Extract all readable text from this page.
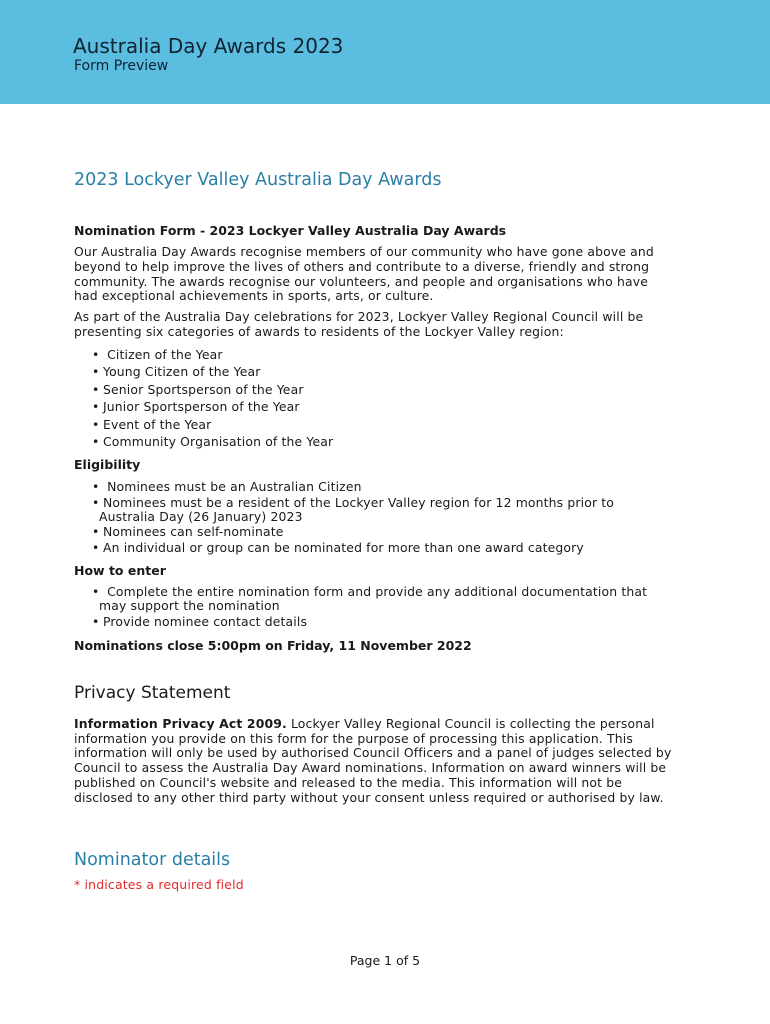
Australia Day Awards 2023
Form Preview
2023 Lockyer Valley Australia Day Awards

Nomination Form - 2023 Lockyer Valley Australia Day Awards

Our Australia Day Awards recognise members of our community who have gone above and beyond to help improve the lives of others and contribute to a diverse, friendly and strong community. The awards recognise our volunteers, and people and organisations who have had exceptional achievements in sports, arts, or culture.

As part of the Australia Day celebrations for 2023, Lockyer Valley Regional Council will be presenting six categories of awards to residents of the Lockyer Valley region:

• Citizen of the Year
• Young Citizen of the Year
• Senior Sportsperson of the Year
• Junior Sportsperson of the Year
• Event of the Year
• Community Organisation of the Year

Eligibility

• Nominees must be an Australian Citizen
• Nominees must be a resident of the Lockyer Valley region for 12 months prior to
Australia Day (26 January) 2023
• Nominees can self-nominate
• An individual or group can be nominated for more than one award category

How to enter

• Complete the entire nomination form and provide any additional documentation that
may support the nomination
• Provide nominee contact details

Nominations close 5:00pm on Friday, 11 November 2022

Privacy Statement

Information Privacy Act 2009. Lockyer Valley Regional Council is collecting the personal information you provide on this form for the purpose of processing this application. This information will only be used by authorised Council Officers and a panel of judges selected by Council to assess the Australia Day Award nominations. Information on award winners will be published on Council's website and released to the media. This information will not be disclosed to any other third party without your consent unless required or authorised by law.

Nominator details
* indicates a required field
Page 1 of 5
